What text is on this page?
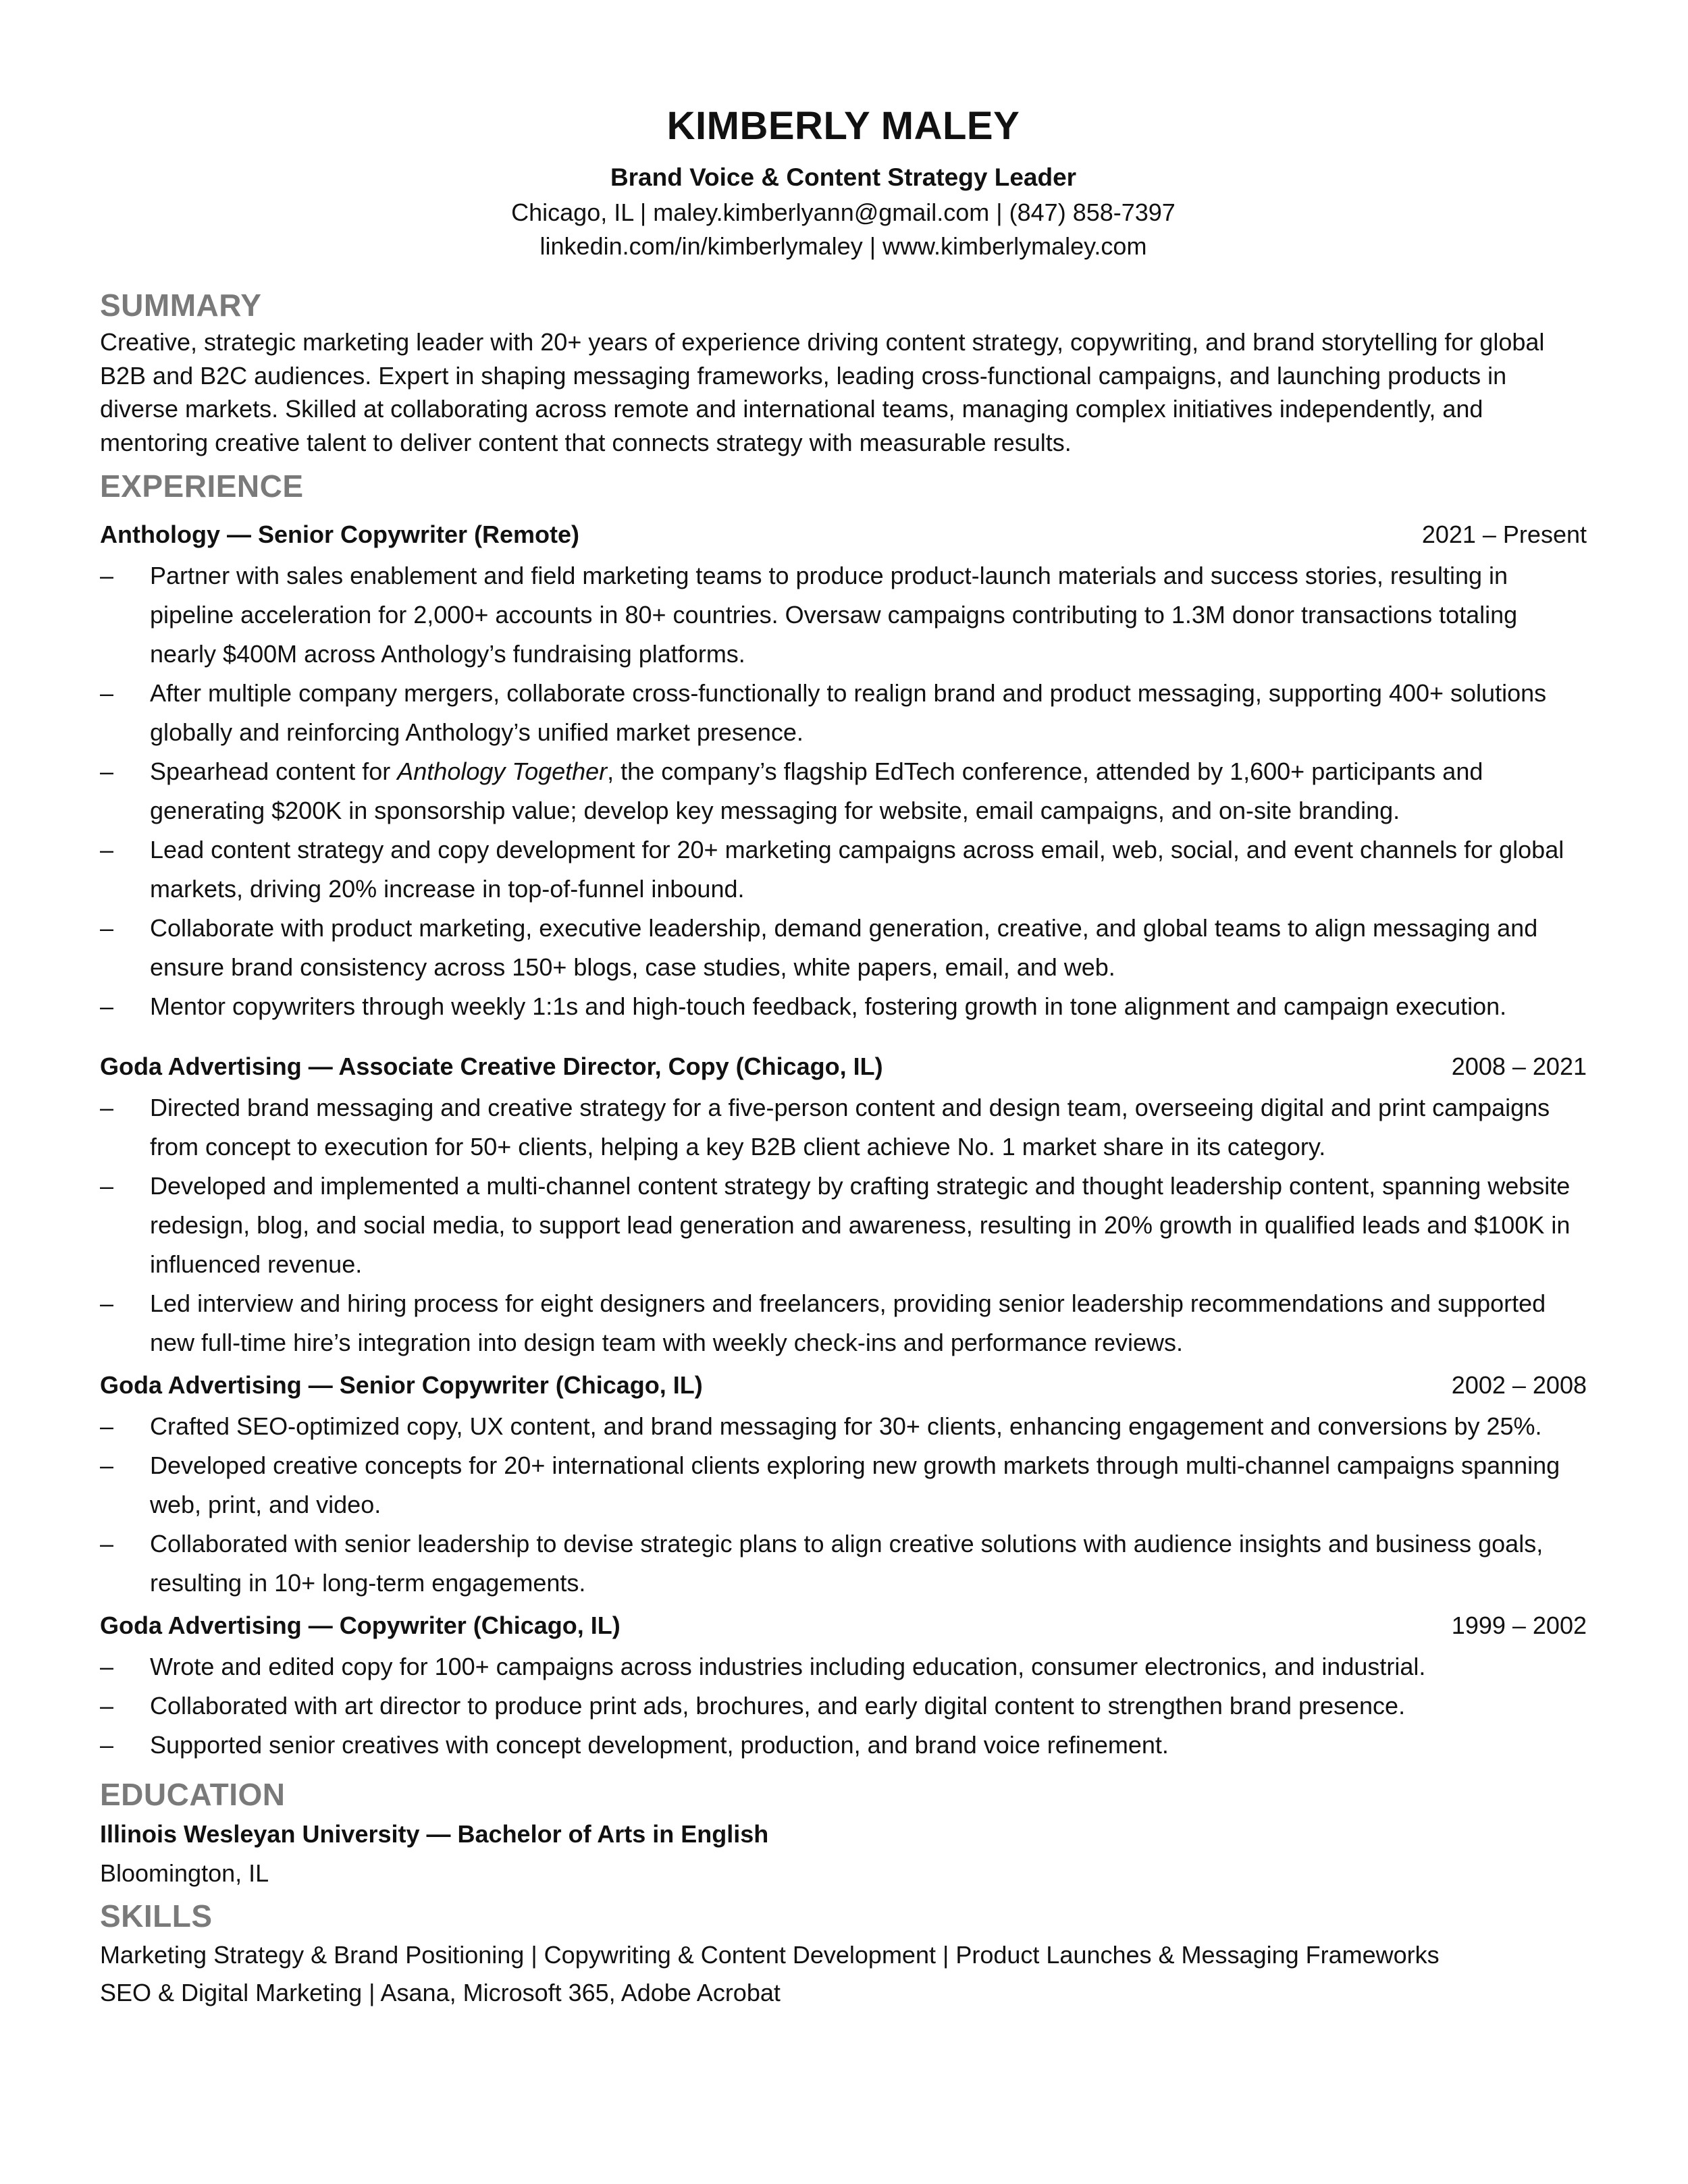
KIMBERLY MALEY
Brand Voice & Content Strategy Leader
Chicago, IL | maley.kimberlyann@gmail.com | (847) 858-7397
linkedin.com/in/kimberlymaley | www.kimberlymaley.com
SUMMARY
Creative, strategic marketing leader with 20+ years of experience driving content strategy, copywriting, and brand storytelling for global B2B and B2C audiences. Expert in shaping messaging frameworks, leading cross-functional campaigns, and launching products in diverse markets. Skilled at collaborating across remote and international teams, managing complex initiatives independently, and mentoring creative talent to deliver content that connects strategy with measurable results.
EXPERIENCE
Anthology — Senior Copywriter (Remote)	2021 – Present
– Partner with sales enablement and field marketing teams to produce product-launch materials and success stories, resulting in pipeline acceleration for 2,000+ accounts in 80+ countries. Oversaw campaigns contributing to 1.3M donor transactions totaling nearly $400M across Anthology’s fundraising platforms.
– After multiple company mergers, collaborate cross-functionally to realign brand and product messaging, supporting 400+ solutions globally and reinforcing Anthology’s unified market presence.
– Spearhead content for Anthology Together, the company’s flagship EdTech conference, attended by 1,600+ participants and generating $200K in sponsorship value; develop key messaging for website, email campaigns, and on-site branding.
– Lead content strategy and copy development for 20+ marketing campaigns across email, web, social, and event channels for global markets, driving 20% increase in top-of-funnel inbound.
– Collaborate with product marketing, executive leadership, demand generation, creative, and global teams to align messaging and ensure brand consistency across 150+ blogs, case studies, white papers, email, and web.
– Mentor copywriters through weekly 1:1s and high-touch feedback, fostering growth in tone alignment and campaign execution.
Goda Advertising — Associate Creative Director, Copy (Chicago, IL)	2008 – 2021
– Directed brand messaging and creative strategy for a five-person content and design team, overseeing digital and print campaigns from concept to execution for 50+ clients, helping a key B2B client achieve No. 1 market share in its category.
– Developed and implemented a multi-channel content strategy by crafting strategic and thought leadership content, spanning website redesign, blog, and social media, to support lead generation and awareness, resulting in 20% growth in qualified leads and $100K in influenced revenue.
– Led interview and hiring process for eight designers and freelancers, providing senior leadership recommendations and supported new full-time hire’s integration into design team with weekly check-ins and performance reviews.
Goda Advertising — Senior Copywriter (Chicago, IL)	2002 – 2008
– Crafted SEO-optimized copy, UX content, and brand messaging for 30+ clients, enhancing engagement and conversions by 25%.
– Developed creative concepts for 20+ international clients exploring new growth markets through multi-channel campaigns spanning web, print, and video.
– Collaborated with senior leadership to devise strategic plans to align creative solutions with audience insights and business goals, resulting in 10+ long-term engagements.
Goda Advertising — Copywriter (Chicago, IL)	1999 – 2002
– Wrote and edited copy for 100+ campaigns across industries including education, consumer electronics, and industrial.
– Collaborated with art director to produce print ads, brochures, and early digital content to strengthen brand presence.
– Supported senior creatives with concept development, production, and brand voice refinement.
EDUCATION
Illinois Wesleyan University — Bachelor of Arts in English
Bloomington, IL
SKILLS
Marketing Strategy & Brand Positioning | Copywriting & Content Development | Product Launches & Messaging Frameworks
SEO & Digital Marketing | Asana, Microsoft 365, Adobe Acrobat
